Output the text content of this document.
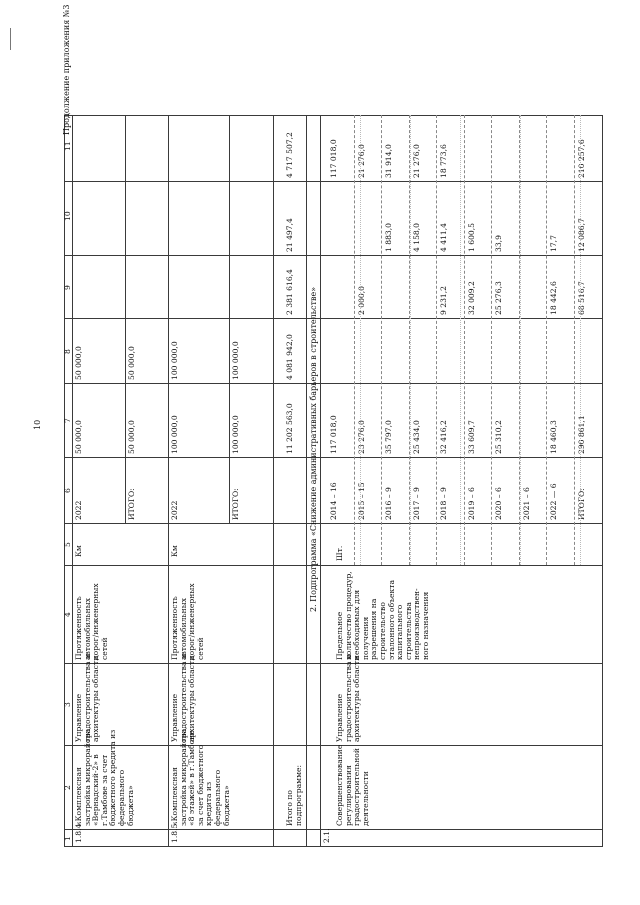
10
Продолжение приложения №3
1
2
3
4
5
6
7
8
9
10
11
1.8.4.
«Комплексная застройка микрорайона «Вернадский-2» в г.Тамбове за счет бюджетного кредита из федерального бюджета»
Управление градостроительства и архитектуры области
Протяженность автомобильных дорог/инженерных сетей
Км
2022
50 000,0
50 000,0
ИТОГО:
50 000,0
50 000,0
1.8.5.
«Комплексная застройка микрорайона «8 этажей» в г.Тамбове за счет бюджетного кредита из федерального бюджета»
Управление градостроительства и архитектуры области
Протяженность автомобильных дорог/инженерных сетей
Км
2022
100 000,0
100 000,0
ИТОГО:
100 000,0
100 000,0
Итого по подпрограмме:
11 202 563,0
4 081 942,0
2 381 616,4
21 497,4
4 717 507,2
2. Подпрограмма «Снижение административных барьеров в строительстве»
2.1.
Совершенствование регулирования градостроительной деятельности
Управление градостроительства и архитектуры области
Предельное количество процедур, необходимых для получения разрешения на строительство эталонного объекта капитального строительства непроизводствен- ного назначения
Шт.
2014 – 16
117 018,0
117 018,0
2015 – 15
23 276,0
2 000,0
21 276,0
2016 – 9
35 797,0
1 883,0
31 914,0
2017 – 9
25 434,0
4 158,0
21 276,0
2018 – 9
32 416,2
9 231,2
4 411,4
18 773,6
2019 – 6
33 609,7
32 009,2
1 600,5
2020 – 6
25 310,2
25 276,3
33,9
2021 – 6 2022 — 6
18 460,3
18 442,6
17,7
ИТОГО:
290 861,1
68 516,7
12 086,7
210 257,6
